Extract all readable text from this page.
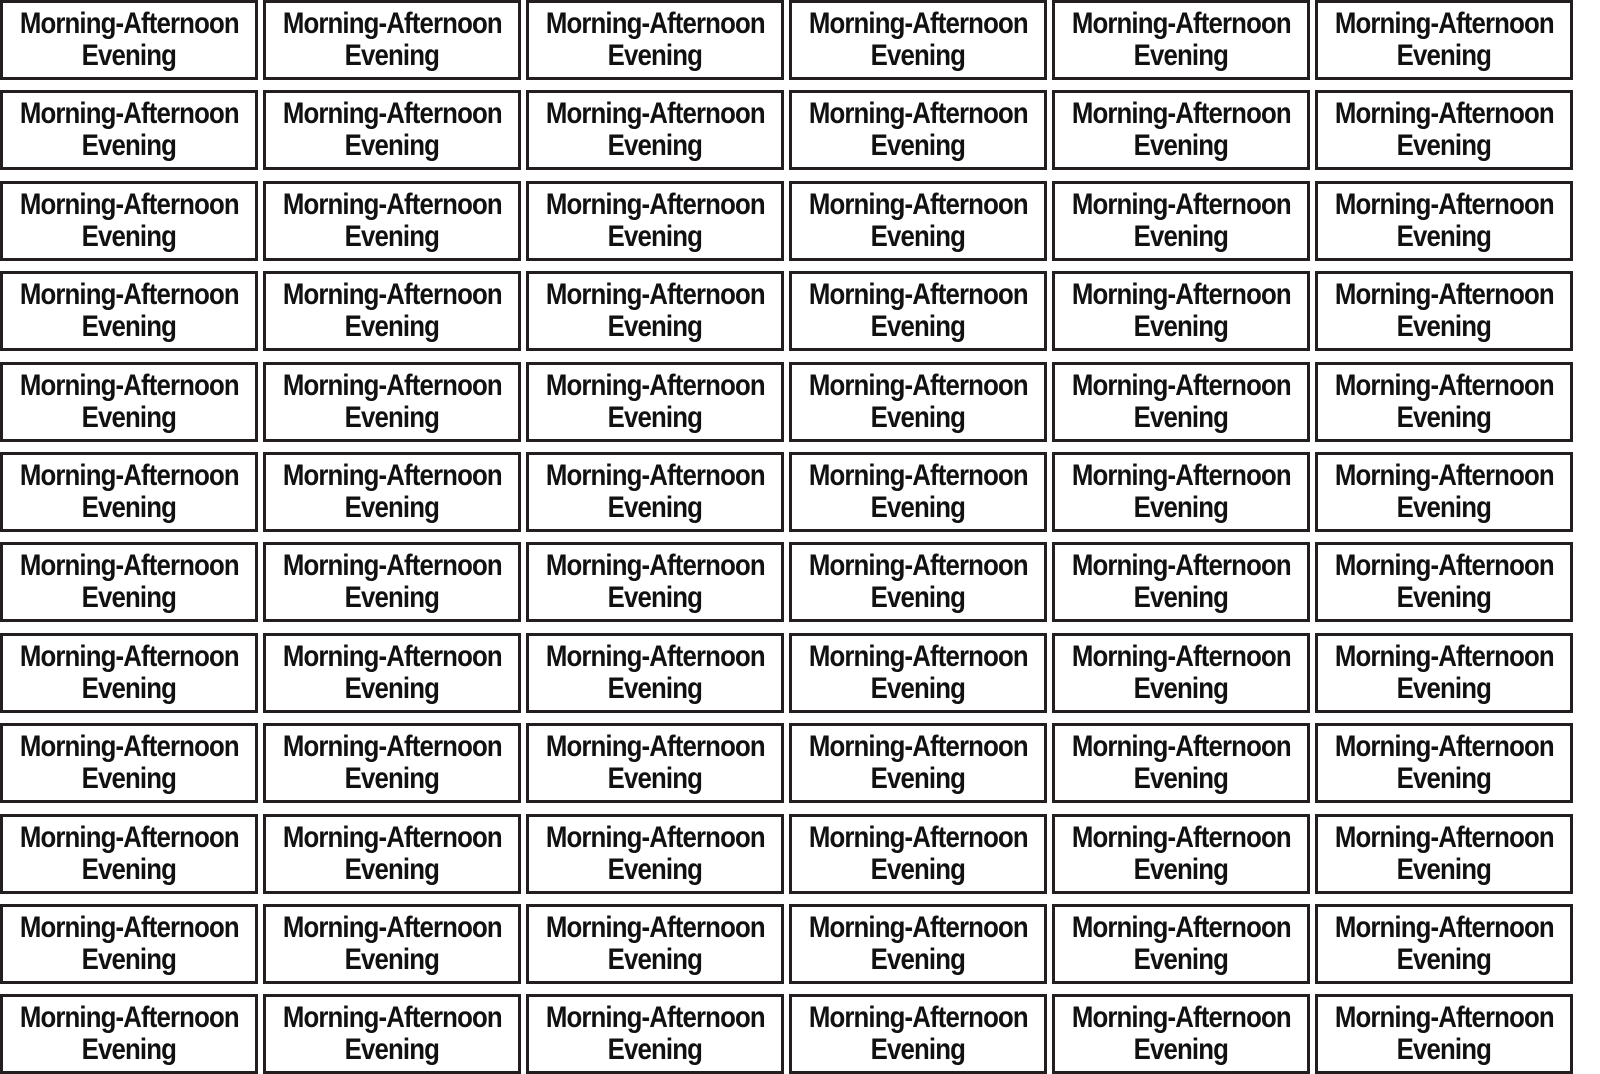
Morning-Afternoon
Evening
Morning-Afternoon
Evening
Morning-Afternoon
Evening
Morning-Afternoon
Evening
Morning-Afternoon
Evening
Morning-Afternoon
Evening
Morning-Afternoon
Evening
Morning-Afternoon
Evening
Morning-Afternoon
Evening
Morning-Afternoon
Evening
Morning-Afternoon
Evening
Morning-Afternoon
Evening
Morning-Afternoon
Evening
Morning-Afternoon
Evening
Morning-Afternoon
Evening
Morning-Afternoon
Evening
Morning-Afternoon
Evening
Morning-Afternoon
Evening
Morning-Afternoon
Evening
Morning-Afternoon
Evening
Morning-Afternoon
Evening
Morning-Afternoon
Evening
Morning-Afternoon
Evening
Morning-Afternoon
Evening
Morning-Afternoon
Evening
Morning-Afternoon
Evening
Morning-Afternoon
Evening
Morning-Afternoon
Evening
Morning-Afternoon
Evening
Morning-Afternoon
Evening
Morning-Afternoon
Evening
Morning-Afternoon
Evening
Morning-Afternoon
Evening
Morning-Afternoon
Evening
Morning-Afternoon
Evening
Morning-Afternoon
Evening
Morning-Afternoon
Evening
Morning-Afternoon
Evening
Morning-Afternoon
Evening
Morning-Afternoon
Evening
Morning-Afternoon
Evening
Morning-Afternoon
Evening
Morning-Afternoon
Evening
Morning-Afternoon
Evening
Morning-Afternoon
Evening
Morning-Afternoon
Evening
Morning-Afternoon
Evening
Morning-Afternoon
Evening
Morning-Afternoon
Evening
Morning-Afternoon
Evening
Morning-Afternoon
Evening
Morning-Afternoon
Evening
Morning-Afternoon
Evening
Morning-Afternoon
Evening
Morning-Afternoon
Evening
Morning-Afternoon
Evening
Morning-Afternoon
Evening
Morning-Afternoon
Evening
Morning-Afternoon
Evening
Morning-Afternoon
Evening
Morning-Afternoon
Evening
Morning-Afternoon
Evening
Morning-Afternoon
Evening
Morning-Afternoon
Evening
Morning-Afternoon
Evening
Morning-Afternoon
Evening
Morning-Afternoon
Evening
Morning-Afternoon
Evening
Morning-Afternoon
Evening
Morning-Afternoon
Evening
Morning-Afternoon
Evening
Morning-Afternoon
Evening
